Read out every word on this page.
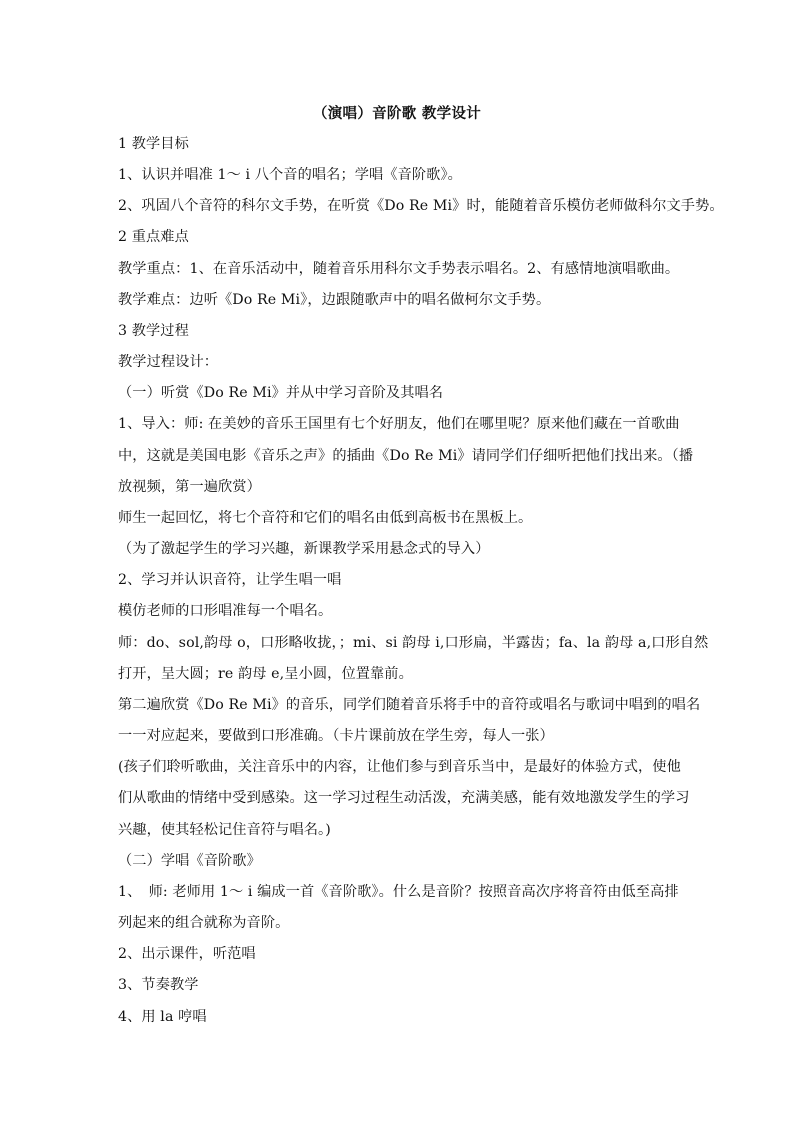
（演唱）音阶歌 教学设计
1 教学目标
1、认识并唱准 1～ i 八个音的唱名；学唱《音阶歌》。
2、巩固八个音符的科尔文手势，在听赏《Do Re Mi》时，能随着音乐模仿老师做科尔文手势。
2 重点难点
教学重点：1、在音乐活动中，随着音乐用科尔文手势表示唱名。2、有感情地演唱歌曲。
教学难点：边听《Do Re Mi》，边跟随歌声中的唱名做柯尔文手势。
3 教学过程
教学过程设计：
（一）听赏《Do Re Mi》并从中学习音阶及其唱名
1、导入：师: 在美妙的音乐王国里有七个好朋友，他们在哪里呢？原来他们藏在一首歌曲
中，这就是美国电影《音乐之声》的插曲《Do Re Mi》请同学们仔细听把他们找出来。（播
放视频，第一遍欣赏）
师生一起回忆，将七个音符和它们的唱名由低到高板书在黑板上。
（为了激起学生的学习兴趣，新课教学采用悬念式的导入）
2、学习并认识音符，让学生唱一唱
模仿老师的口形唱准每一个唱名。
师：do、sol,韵母 o，口形略收拢，；mi、si 韵母 i,口形扁，半露齿；fa、la 韵母 a,口形自然
打开，呈大圆；re 韵母 e,呈小圆，位置靠前。
第二遍欣赏《Do Re Mi》的音乐，同学们随着音乐将手中的音符或唱名与歌词中唱到的唱名
一一对应起来，要做到口形准确。（卡片课前放在学生旁，每人一张）
(孩子们聆听歌曲，关注音乐中的内容，让他们参与到音乐当中，是最好的体验方式，使他
们从歌曲的情绪中受到感染。这一学习过程生动活泼，充满美感，能有效地激发学生的学习
兴趣，使其轻松记住音符与唱名。)
（二）学唱《音阶歌》
1、　师: 老师用 1～ i 编成一首《音阶歌》。什么是音阶？按照音高次序将音符由低至高排
列起来的组合就称为音阶。
2、出示课件，听范唱
3、节奏教学
4、用 la 哼唱
